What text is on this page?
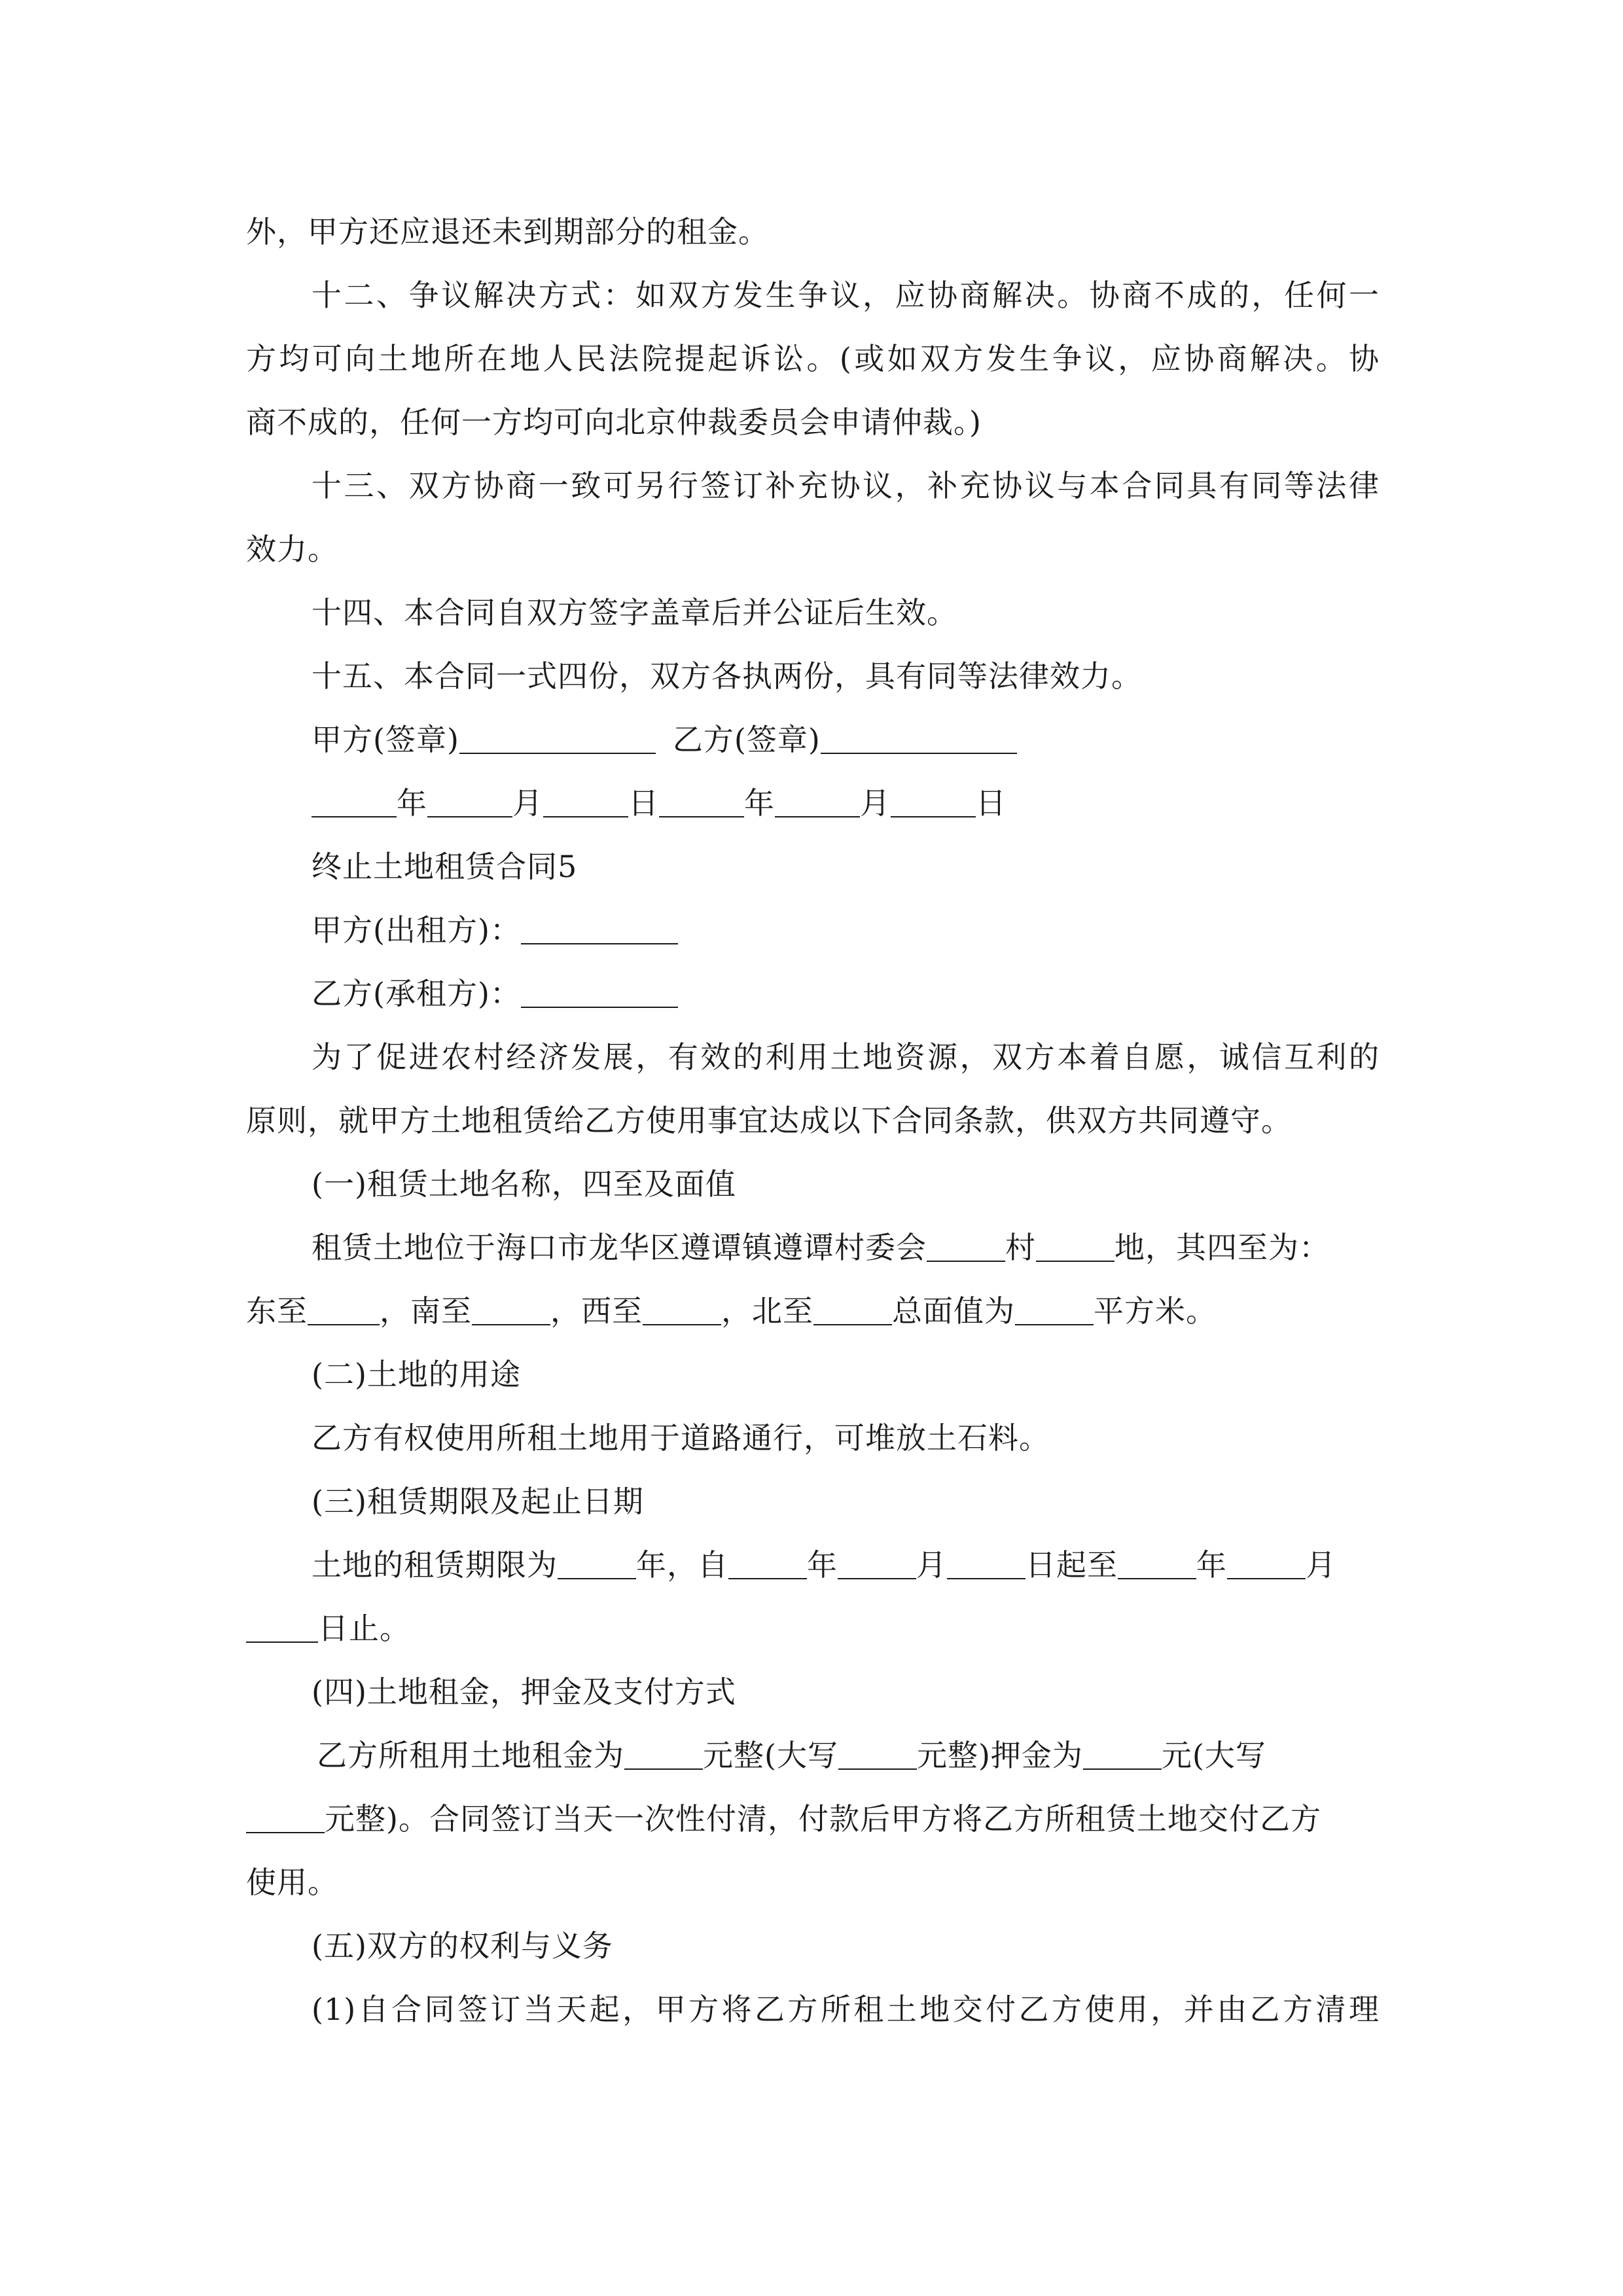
外，甲方还应退还未到期部分的租金。
十二、争议解决方式：如双方发生争议，应协商解决。协商不成的，任何一
方均可向土地所在地人民法院提起诉讼。(或如双方发生争议，应协商解决。协
商不成的，任何一方均可向北京仲裁委员会申请仲裁。)
十三、双方协商一致可另行签订补充协议，补充协议与本合同具有同等法律
效力。
十四、本合同自双方签字盖章后并公证后生效。
十五、本合同一式四份，双方各执两份，具有同等法律效力。
甲方(签章)	乙方(签章)
年	月	日	年	月	日
终止土地租赁合同5
甲方(出租方)：
乙方(承租方)：
为了促进农村经济发展，有效的利用土地资源，双方本着自愿，诚信互利的
原则，就甲方土地租赁给乙方使用事宜达成以下合同条款，供双方共同遵守。
(一)租赁土地名称，四至及面值
租赁土地位于海口市龙华区遵谭镇遵谭村委会	村	地，其四至为：
东至 ，南至	，西至	，北至	总面值为	平方米。
(二)土地的用途
乙方有权使用所租土地用于道路通行，可堆放土石料。
(三)租赁期限及起止日期
土地的租赁期限为	年，自	年	月	日起至	年	月
日止。
(四)土地租金，押金及支付方式
乙方所租用土地租金为	元整(大写	元整)押金为	元(大写
元整)。合同签订当天一次性付清，付款后甲方将乙方所租赁土地交付乙方
使用。
(五)双方的权利与义务
(1)自合同签订当天起，甲方将乙方所租土地交付乙方使用，并由乙方清理
